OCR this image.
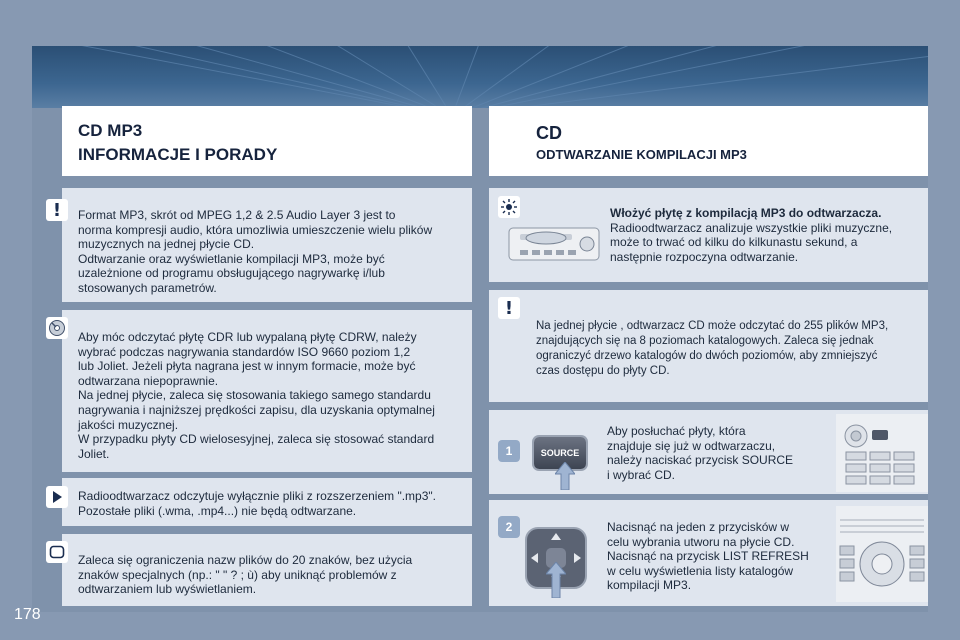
CD MP3
INFORMACJE I PORADY
CD
ODTWARZANIE KOMPILACJI MP3
! Format MP3, skrót od MPEG 1,2 & 2.5 Audio Layer 3 jest to

norma kompresji audio, która umozliwia umieszczenie wielu plików

muzycznych na jednej płycie CD.

Odtwarzanie oraz wyświetlanie kompilacji MP3, może być

uzależnione od programu obsługującego nagrywarkę i/lub

stosowanych parametrów.

Aby móc odczytać płytę CDR lub wypalaną płytę CDRW, należy

wybrać podczas nagrywania standardów ISO 9660 poziom 1,2

lub Joliet. Jeżeli płyta nagrana jest w innym formacie, może być

odtwarzana niepoprawnie.

Na jednej płycie, zaleca się stosowania takiego samego standardu

nagrywania i najniższej prędkości zapisu, dla uzyskania optymalnej

jakości muzycznej.

W przypadku płyty CD wielosesyjnej, zaleca się stosować standard

Joliet.

Radioodtwarzacz odczytuje wyłącznie pliki z rozszerzeniem ".mp3".

Pozostałe pliki (.wma, .mp4...) nie będą odtwarzane.

Zaleca się ograniczenia nazw plików do 20 znaków, bez użycia

znaków specjalnych (np.: " " ? ; ù) aby uniknąć problemów z

odtwarzaniem lub wyświetlaniem.

Włożyć płytę z kompilacją MP3 do odtwarzacza.

Radioodtwarzacz analizuje wszystkie pliki muzyczne,

może to trwać od kilku do kilkunastu sekund, a

następnie rozpoczyna odtwarzanie.

!

Na jednej płycie , odtwarzacz CD może odczytać do 255 plików MP3,

znajdujących się na 8 poziomach katalogowych. Zaleca się jednak

ograniczyć drzewo katalogów do dwóch poziomów, aby zmniejszyć

czas dostępu do płyty CD.

1	SOURCE

Aby posłuchać płyty, która

znajduje się już w odtwarzaczu,

należy naciskać przycisk SOURCE

i wybrać CD.

2	Nacisnąć na jeden z przycisków w

celu wybrania utworu na płycie CD.

Nacisnąć na przycisk LIST REFRESH

w celu wyświetlenia listy katalogów

kompilacji MP3.

178
